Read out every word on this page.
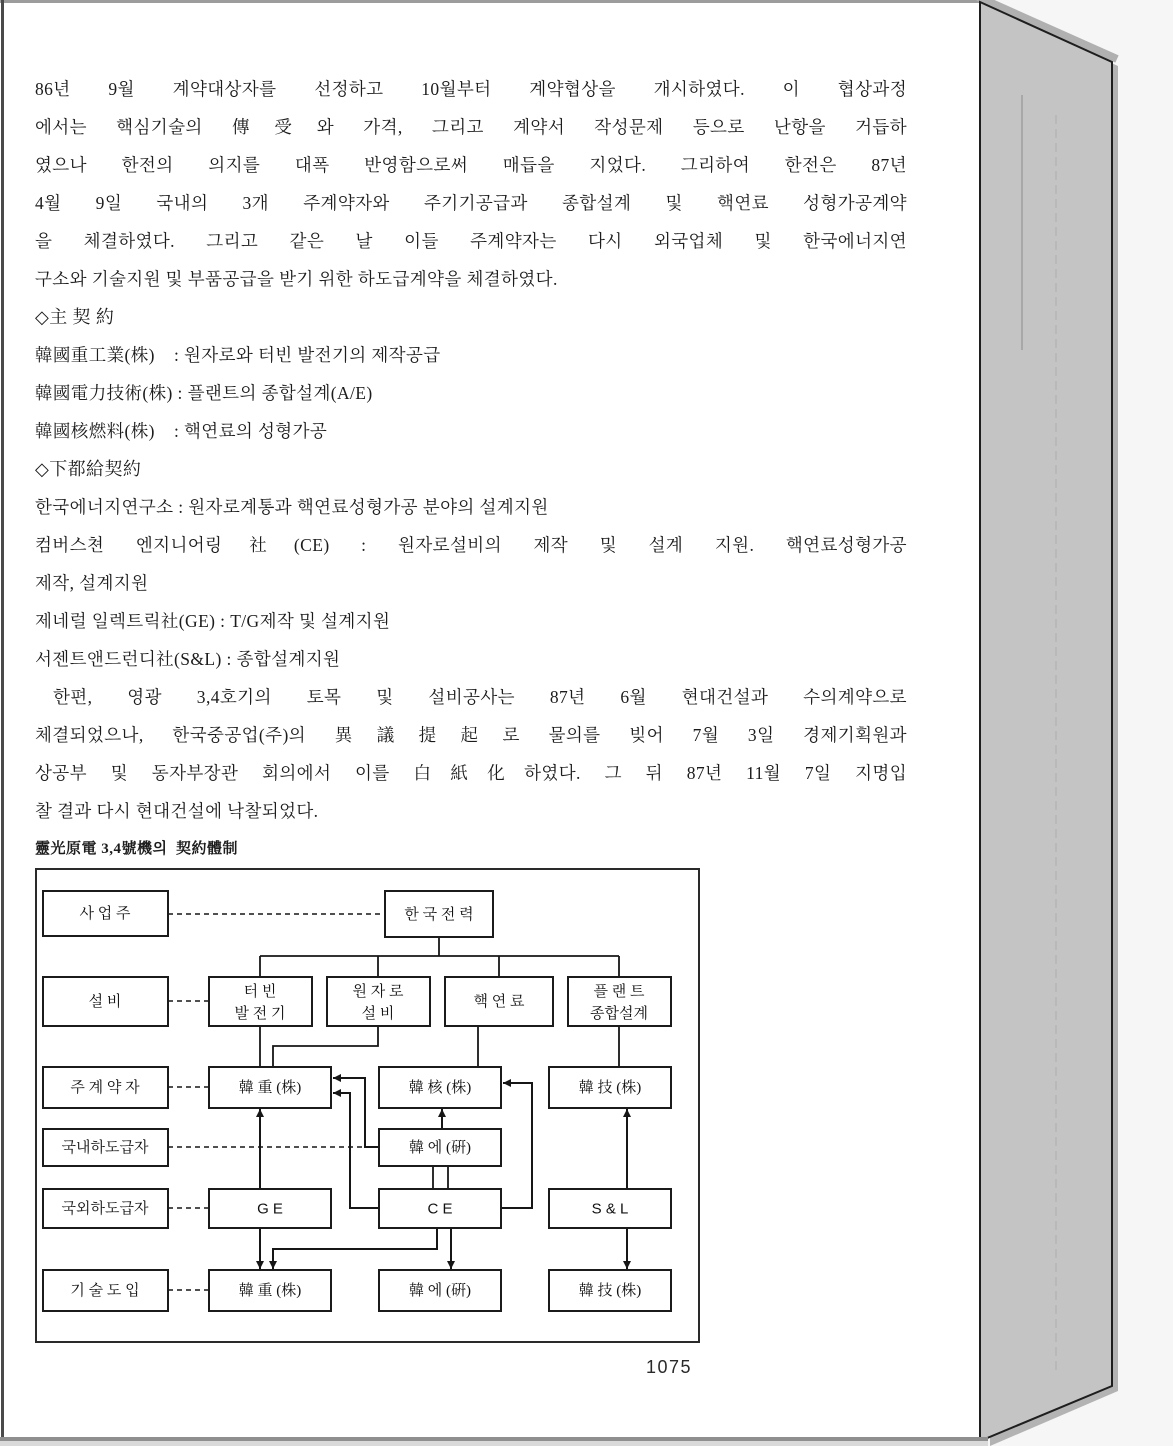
86년 9월 계약대상자를 선정하고 10월부터 계약협상을 개시하였다. 이 협상과정
에서는 핵심기술의 傳受와 가격, 그리고 계약서 작성문제 등으로 난항을 거듭하
였으나 한전의 의지를 대폭 반영함으로써 매듭을 지었다. 그리하여 한전은 87년
4월 9일 국내의 3개 주계약자와 주기기공급과 종합설계 및 핵연료 성형가공계약
을 체결하였다. 그리고 같은 날 이들 주계약자는 다시 외국업체 및 한국에너지연
구소와 기술지원 및 부품공급을 받기 위한 하도급계약을 체결하였다.
◇主 契 約
韓國重工業(株)    : 원자로와 터빈 발전기의 제작공급
韓國電力技術(株) : 플랜트의 종합설계(A/E)
韓國核燃料(株)    : 핵연료의 성형가공
◇下都給契約
한국에너지연구소 : 원자로계통과 핵연료성형가공 분야의 설계지원
컴버스쳔 엔지니어링社(CE) : 원자로설비의 제작 및 설계 지원. 핵연료성형가공
제작, 설계지원
제네럴 일렉트릭社(GE) : T/G제작 및 설계지원
서젠트앤드런디社(S&L) : 종합설계지원
한편, 영광 3,4호기의 토목 및 설비공사는 87년 6월 현대건설과 수의계약으로
체결되었으나, 한국중공업(주)의 異議提起로 물의를 빚어 7월 3일 경제기획원과
상공부 및 동자부장관 회의에서 이를 白紙化하였다. 그 뒤 87년 11월 7일 지명입
찰 결과 다시 현대건설에 낙찰되었다.
靈光原電 3,4號機의  契約體制
사 업 주
설 비
주 계 약 자
국내하도급자
국외하도급자
기 술 도 입
한 국 전 력
터 빈
발 전 기
원 자 로
설 비
핵 연 료
플 랜 트
종합설계
韓 重 (株)	韓 核 (株)	韓 技 (株)
韓 에 (硏)
G E	C E	S & L
韓 重 (株)	韓 에 (硏)	韓 技 (株)
1075
